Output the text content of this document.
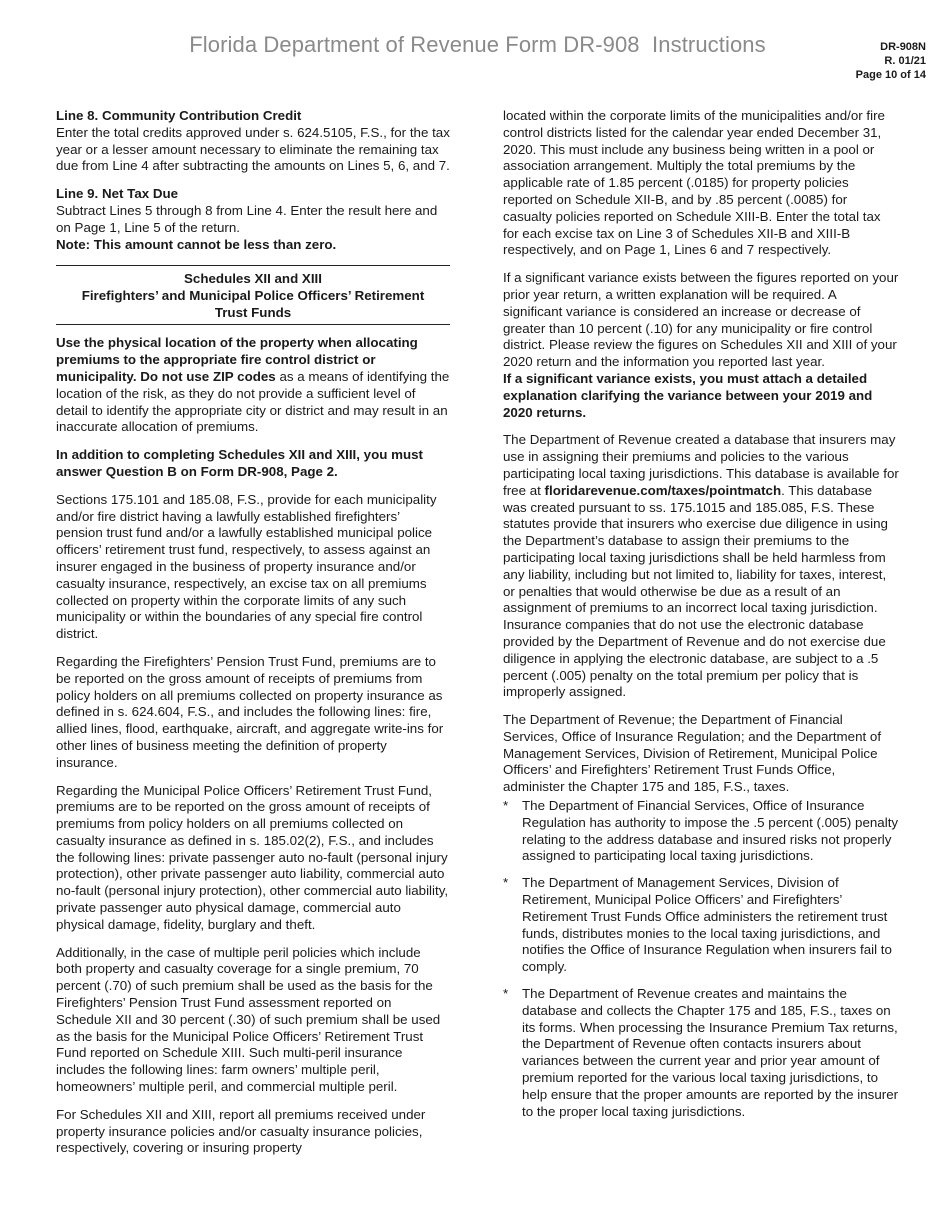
Florida Department of Revenue Form DR-908  Instructions	DR-908N
R. 01/21
Page 10 of 14

Line 8. Community Contribution Credit
Enter the total credits approved under s. 624.5105, F.S., for the tax year or a lesser amount necessary to eliminate the remaining tax due from Line 4 after subtracting the amounts on Lines 5, 6, and 7.

Line 9. Net Tax Due
Subtract Lines 5 through 8 from Line 4. Enter the result here and on Page 1, Line 5 of the return.
Note: This amount cannot be less than zero.

Schedules XII and XIII
Firefighters’ and Municipal Police Officers’ Retirement
Trust Funds

Use the physical location of the property when allocating premiums to the appropriate fire control district or municipality. Do not use ZIP codes as a means of identifying the location of the risk, as they do not provide a sufficient level of detail to identify the appropriate city or district and may result in an inaccurate allocation of premiums.

In addition to completing Schedules XII and XIII, you must answer Question B on Form DR-908, Page 2.

Sections 175.101 and 185.08, F.S., provide for each municipality and/or fire district having a lawfully established firefighters’ pension trust fund and/or a lawfully established municipal police officers’ retirement trust fund, respectively, to assess against an insurer engaged in the business of property insurance and/or casualty insurance, respectively, an excise tax on all premiums collected on property within the corporate limits of any such municipality or within the boundaries of any special fire control district.

Regarding the Firefighters’ Pension Trust Fund, premiums are to be reported on the gross amount of receipts of premiums from policy holders on all premiums collected on property insurance as defined in s. 624.604, F.S., and includes the following lines: fire, allied lines, flood, earthquake, aircraft, and aggregate write-ins for other lines of business meeting the definition of property insurance.

Regarding the Municipal Police Officers’ Retirement Trust Fund, premiums are to be reported on the gross amount of receipts of premiums from policy holders on all premiums collected on casualty insurance as defined in s. 185.02(2), F.S., and includes the following lines: private passenger auto no-fault (personal injury protection), other private passenger auto liability, commercial auto no-fault (personal injury protection), other commercial auto liability, private passenger auto physical damage, commercial auto physical damage, fidelity, burglary and theft.

Additionally, in the case of multiple peril policies which include both property and casualty coverage for a single premium, 70 percent (.70) of such premium shall be used as the basis for the Firefighters’ Pension Trust Fund assessment reported on Schedule XII and 30 percent (.30) of such premium shall be used as the basis for the Municipal Police Officers’ Retirement Trust Fund reported on Schedule XIII. Such multi-peril insurance includes the following lines: farm owners’ multiple peril, homeowners’ multiple peril, and commercial multiple peril.

For Schedules XII and XIII, report all premiums received under property insurance policies and/or casualty insurance policies, respectively, covering or insuring property

located within the corporate limits of the municipalities and/or fire control districts listed for the calendar year ended December 31, 2020. This must include any business being written in a pool or association arrangement. Multiply the total premiums by the applicable rate of 1.85 percent (.0185) for property policies reported on Schedule XII-B, and by .85 percent (.0085) for casualty policies reported on Schedule XIII-B. Enter the total tax for each excise tax on Line 3 of Schedules XII-B and XIII-B respectively, and on Page 1, Lines 6 and 7 respectively.

If a significant variance exists between the figures reported on your prior year return, a written explanation will be required. A significant variance is considered an increase or decrease of greater than 10 percent (.10) for any municipality or fire control district. Please review the figures on Schedules XII and XIII of your 2020 return and the information you reported last year.
If a significant variance exists, you must attach a detailed explanation clarifying the variance between your 2019 and 2020 returns.

The Department of Revenue created a database that insurers may use in assigning their premiums and policies to the various participating local taxing jurisdictions. This database is available for free at floridarevenue.com/taxes/pointmatch. This database was created pursuant to ss. 175.1015 and 185.085, F.S. These statutes provide that insurers who exercise due diligence in using the Department’s database to assign their premiums to the participating local taxing jurisdictions shall be held harmless from any liability, including but not limited to, liability for taxes, interest, or penalties that would otherwise be due as a result of an assignment of premiums to an incorrect local taxing jurisdiction. Insurance companies that do not use the electronic database provided by the Department of Revenue and do not exercise due diligence in applying the electronic database, are subject to a .5 percent (.005) penalty on the total premium per policy that is improperly assigned.

The Department of Revenue; the Department of Financial Services, Office of Insurance Regulation; and the Department of Management Services, Division of Retirement, Municipal Police Officers’ and Firefighters’ Retirement Trust Funds Office, administer the Chapter 175 and 185, F.S., taxes.

* The Department of Financial Services, Office of Insurance Regulation has authority to impose the .5 percent (.005) penalty relating to the address database and insured risks not properly assigned to participating local taxing jurisdictions.
* The Department of Management Services, Division of Retirement, Municipal Police Officers’ and Firefighters’ Retirement Trust Funds Office administers the retirement trust funds, distributes monies to the local taxing jurisdictions, and notifies the Office of Insurance Regulation when insurers fail to comply.
* The Department of Revenue creates and maintains the database and collects the Chapter 175 and 185, F.S., taxes on its forms. When processing the Insurance Premium Tax returns, the Department of Revenue often contacts insurers about variances between the current year and prior year amount of premium reported for the various local taxing jurisdictions, to help ensure that the proper amounts are reported by the insurer to the proper local taxing jurisdictions.
